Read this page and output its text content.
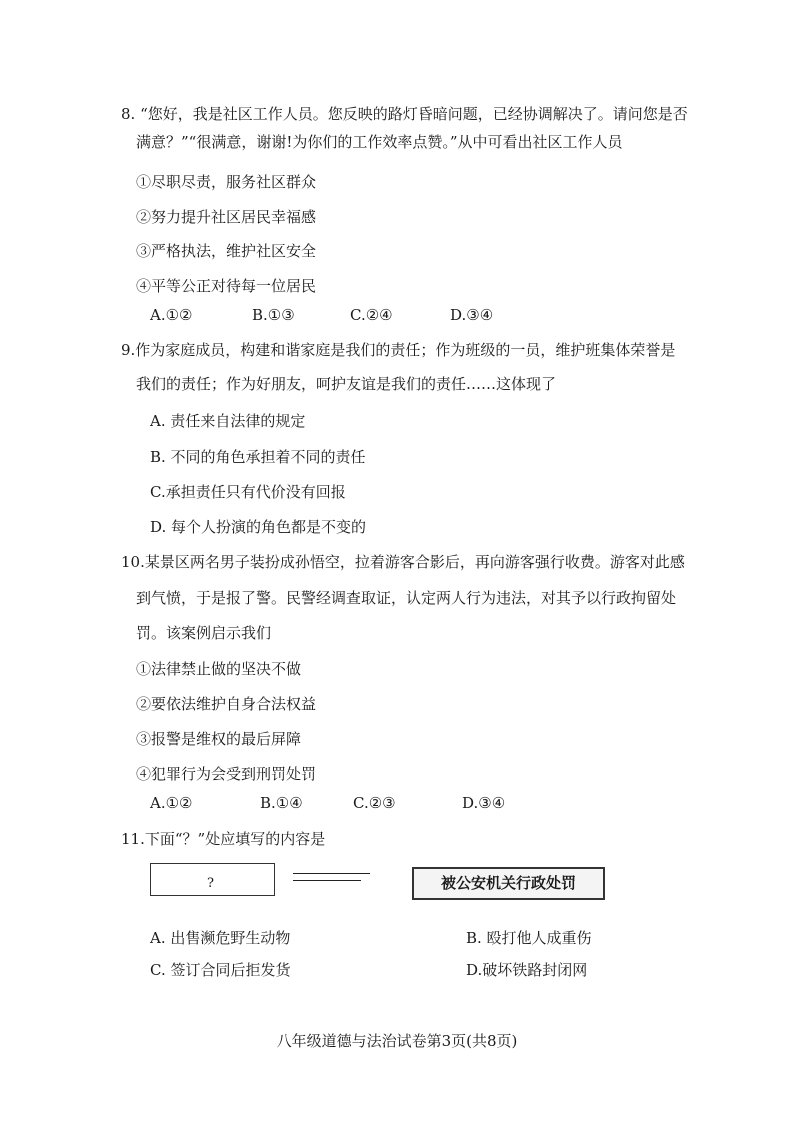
8. “您好，我是社区工作人员。您反映的路灯昏暗问题，已经协调解决了。请问您是否
满意？”“很满意，谢谢!为你们的工作效率点赞。”从中可看出社区工作人员
①尽职尽责，服务社区群众
②努力提升社区居民幸福感
③严格执法，维护社区安全
④平等公正对待每一位居民
A.①②	B.①③	C.②④	D.③④
9.作为家庭成员，构建和谐家庭是我们的责任；作为班级的一员，维护班集体荣誉是
我们的责任；作为好朋友，呵护友谊是我们的责任……这体现了
A. 责任来自法律的规定
B. 不同的角色承担着不同的责任
C.承担责任只有代价没有回报
D. 每个人扮演的角色都是不变的
10.某景区两名男子装扮成孙悟空，拉着游客合影后，再向游客强行收费。游客对此感
到气愤，于是报了警。民警经调查取证，认定两人行为违法，对其予以行政拘留处
罚。该案例启示我们
①法律禁止做的坚决不做
②要依法维护自身合法权益
③报警是维权的最后屏障
④犯罪行为会受到刑罚处罚
A.①②	B.①④	C.②③	D.③④
11.下面“？”处应填写的内容是
?	被公安机关行政处罚
A. 出售濒危野生动物	B. 殴打他人成重伤
C. 签订合同后拒发货	D.破坏铁路封闭网
八年级道德与法治试卷第3页(共8页)
